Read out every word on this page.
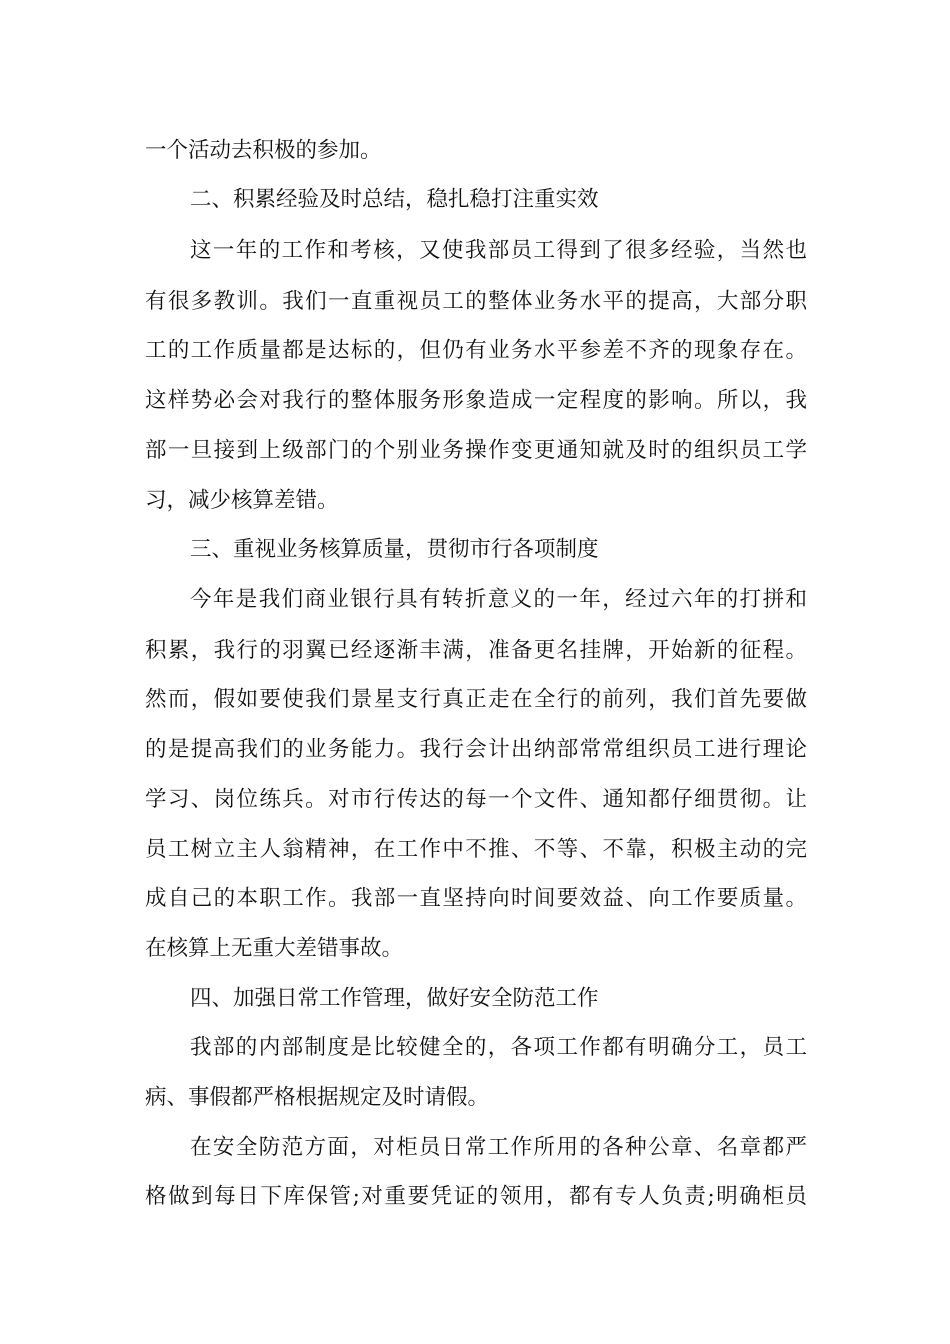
一个活动去积极的参加。
二、积累经验及时总结，稳扎稳打注重实效
这一年的工作和考核，又使我部员工得到了很多经验，当然也
有很多教训。我们一直重视员工的整体业务水平的提高，大部分职
工的工作质量都是达标的，但仍有业务水平参差不齐的现象存在。
这样势必会对我行的整体服务形象造成一定程度的影响。所以，我
部一旦接到上级部门的个别业务操作变更通知就及时的组织员工学
习，减少核算差错。
三、重视业务核算质量，贯彻市行各项制度
今年是我们商业银行具有转折意义的一年，经过六年的打拼和
积累，我行的羽翼已经逐渐丰满，准备更名挂牌，开始新的征程。
然而，假如要使我们景星支行真正走在全行的前列，我们首先要做
的是提高我们的业务能力。我行会计出纳部常常组织员工进行理论
学习、岗位练兵。对市行传达的每一个文件、通知都仔细贯彻。让
员工树立主人翁精神，在工作中不推、不等、不靠，积极主动的完
成自己的本职工作。我部一直坚持向时间要效益、向工作要质量。
在核算上无重大差错事故。
四、加强日常工作管理，做好安全防范工作
我部的内部制度是比较健全的，各项工作都有明确分工，员工
病、事假都严格根据规定及时请假。
在安全防范方面，对柜员日常工作所用的各种公章、名章都严
格做到每日下库保管;对重要凭证的领用，都有专人负责;明确柜员
